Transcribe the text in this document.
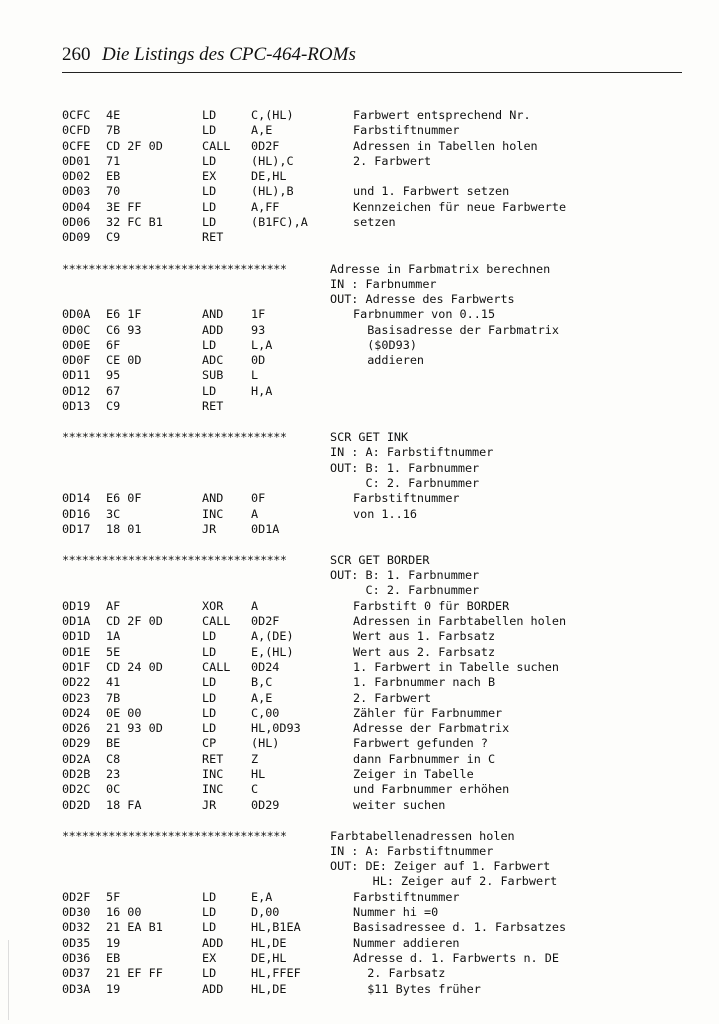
260 Die Listings des CPC-464-ROMs
0CFC 4E	LD	C,(HL)	Farbwert entsprechend Nr.
0CFD 7B	LD	A,E	Farbstiftnummer
0CFE CD 2F 0D	CALL 0D2F	Adressen in Tabellen holen
0D01 71	LD	(HL),C	2. Farbwert
0D02 EB	EX	DE,HL
0D03 70	LD	(HL),B	und 1. Farbwert setzen
0D04 3E FF	LD	A,FF	Kennzeichen für neue Farbwerte
0D06 32 FC B1	LD	(B1FC),A	setzen
0D09 C9	RET
**********************************	Adresse in Farbmatrix berechnen
IN : Farbnummer
OUT: Adresse des Farbwerts
0D0A E6 1F	AND 1F	Farbnummer von 0..15
0D0C C6 93	ADD 93	Basisadresse der Farbmatrix
0D0E 6F	LD	L,A	($0D93)
0D0F CE 0D	ADC 0D	addieren
0D11 95	SUB L
0D12 67	LD	H,A
0D13 C9	RET
**********************************	SCR GET INK
IN : A: Farbstiftnummer
OUT: B: 1. Farbnummer
C: 2. Farbnummer
0D14 E6 0F	AND 0F	Farbstiftnummer
0D16 3C	INC A	von 1..16
0D17 18 01	JR	0D1A
**********************************	SCR GET BORDER
OUT: B: 1. Farbnummer
C: 2. Farbnummer
0D19 AF	XOR A	Farbstift 0 für BORDER
0D1A CD 2F 0D	CALL 0D2F	Adressen in Farbtabellen holen
0D1D 1A	LD	A,(DE)	Wert aus 1. Farbsatz
0D1E 5E	LD	E,(HL)	Wert aus 2. Farbsatz
0D1F CD 24 0D	CALL 0D24	1. Farbwert in Tabelle suchen
0D22 41	LD	B,C	1. Farbnummer nach B
0D23 7B	LD	A,E	2. Farbwert
0D24 0E 00	LD	C,00	Zähler für Farbnummer
0D26 21 93 0D	LD	HL,0D93	Adresse der Farbmatrix
0D29 BE	CP	(HL)	Farbwert gefunden ?
0D2A C8	RET Z	dann Farbnummer in C
0D2B 23	INC HL	Zeiger in Tabelle
0D2C 0C	INC C	und Farbnummer erhöhen
0D2D 18 FA	JR	0D29	weiter suchen
**********************************	Farbtabellenadressen holen
IN : A: Farbstiftnummer
OUT: DE: Zeiger auf 1. Farbwert
HL: Zeiger auf 2. Farbwert
0D2F 5F	LD	E,A	Farbstiftnummer
0D30 16 00	LD	D,00	Nummer hi =0
0D32 21 EA B1	LD	HL,B1EA	Basisadressee d. 1. Farbsatzes
0D35 19	ADD HL,DE	Nummer addieren
0D36 EB	EX	DE,HL	Adresse d. 1. Farbwerts n. DE
0D37 21 EF FF	LD	HL,FFEF	2. Farbsatz
0D3A 19	ADD HL,DE	$11 Bytes früher
